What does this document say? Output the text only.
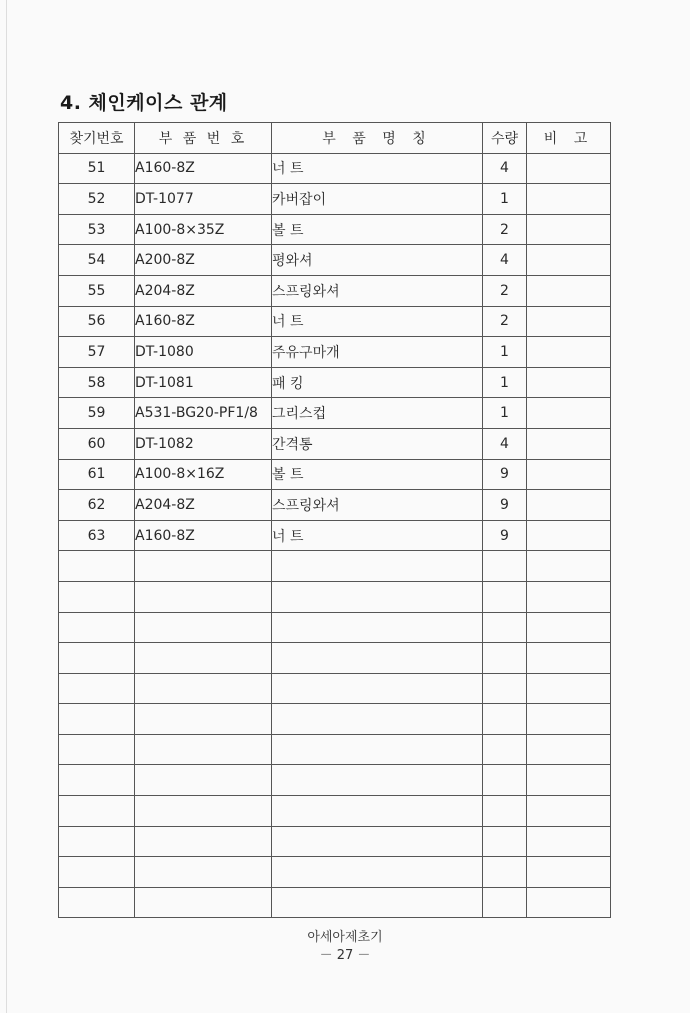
4. 체인케이스 관계
찾기번호	부 품 번 호	부 품 명 칭	수량	비 고
51	A160-8Z	너 트	4	
52	DT-1077	카버잡이	1	
53	A100-8×35Z	볼 트	2	
54	A200-8Z	평와셔	4	
55	A204-8Z	스프링와셔	2	
56	A160-8Z	너 트	2	
57	DT-1080	주유구마개	1	
58	DT-1081	패 킹	1	
59	A531-BG20-PF1/8	그리스컵	1	
60	DT-1082	간격통	4	
61	A100-8×16Z	볼 트	9	
62	A204-8Z	스프링와셔	9	
63	A160-8Z	너 트	9	

아세아제초기
－ 27 －
